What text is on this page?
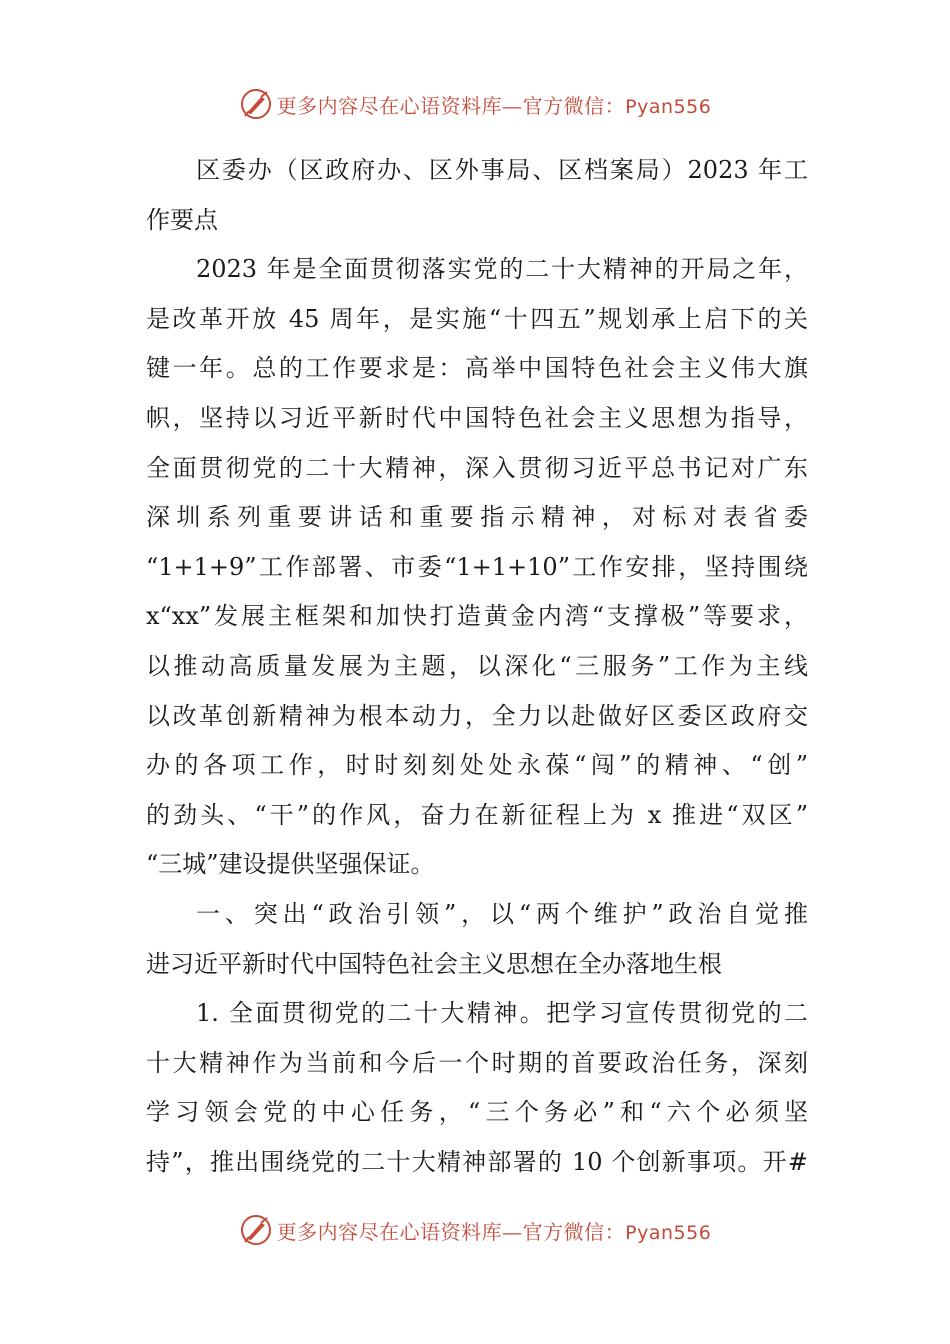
更多内容尽在心语资料库—官方微信：Pyan556
区委办（区政府办、区外事局、区档案局）2023 年工
作要点
2023 年是全面贯彻落实党的二十大精神的开局之年，
是改革开放 45 周年，是实施“十四五”规划承上启下的关
键一年。总的工作要求是：高举中国特色社会主义伟大旗
帜，坚持以习近平新时代中国特色社会主义思想为指导，
全面贯彻党的二十大精神，深入贯彻习近平总书记对广东
深圳系列重要讲话和重要指示精神，对标对表省委
“1+1+9”工作部署、市委“1+1+10”工作安排，坚持围绕
x“xx”发展主框架和加快打造黄金内湾“支撑极”等要求，
以推动高质量发展为主题，以深化“三服务”工作为主线
以改革创新精神为根本动力，全力以赴做好区委区政府交
办的各项工作，时时刻刻处处永葆“闯”的精神、“创”
的劲头、“干”的作风，奋力在新征程上为 x 推进“双区”
“三城”建设提供坚强保证。
一、突出“政治引领”，以“两个维护”政治自觉推
进习近平新时代中国特色社会主义思想在全办落地生根
1. 全面贯彻党的二十大精神。把学习宣传贯彻党的二
十大精神作为当前和今后一个时期的首要政治任务，深刻
学习领会党的中心任务，“三个务必”和“六个必须坚
持”，推出围绕党的二十大精神部署的 10 个创新事项。开#
更多内容尽在心语资料库—官方微信：Pyan556
